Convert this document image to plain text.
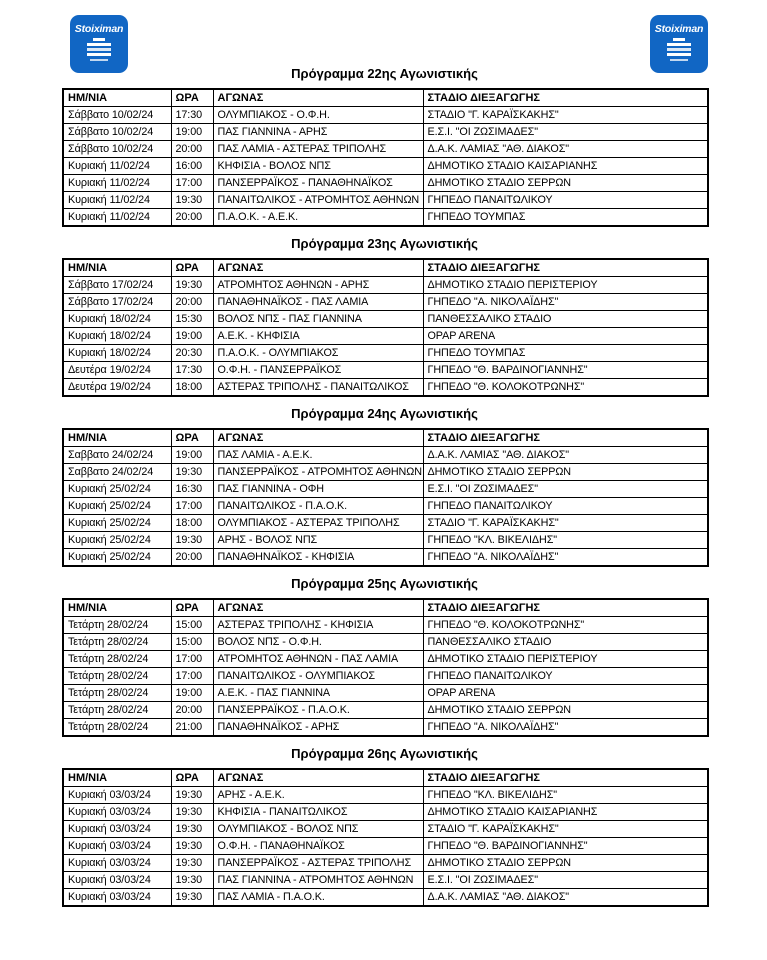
Stoiximan	Stoiximan
Πρόγραμμα 22ης Αγωνιστικής
ΗΜ/ΝΙΑ	ΩΡΑ	ΑΓΩΝΑΣ	ΣΤΑΔΙΟ ΔΙΕΞΑΓΩΓΗΣ
Σάββατο 10/02/24	17:30	ΟΛΥΜΠΙΑΚΟΣ - Ο.Φ.Η.	ΣΤΑΔΙΟ "Γ. ΚΑΡΑΪΣΚΑΚΗΣ"
Σάββατο 10/02/24	19:00	ΠΑΣ ΓΙΑΝΝΙΝΑ - ΑΡΗΣ	Ε.Σ.Ι. "ΟΙ ΖΩΣΙΜΑΔΕΣ"
Σάββατο 10/02/24	20:00	ΠΑΣ ΛΑΜΙΑ - ΑΣΤΕΡΑΣ ΤΡΙΠΟΛΗΣ	Δ.Α.Κ. ΛΑΜΙΑΣ "ΑΘ. ΔΙΑΚΟΣ"
Κυριακή 11/02/24	16:00	ΚΗΦΙΣΙΑ - ΒΟΛΟΣ ΝΠΣ	ΔΗΜΟΤΙΚΟ ΣΤΑΔΙΟ ΚΑΙΣΑΡΙΑΝΗΣ
Κυριακή 11/02/24	17:00	ΠΑΝΣΕΡΡΑΪΚΟΣ - ΠΑΝΑΘΗΝΑΪΚΟΣ	ΔΗΜΟΤΙΚΟ ΣΤΑΔΙΟ ΣΕΡΡΩΝ
Κυριακή 11/02/24	19:30	ΠΑΝΑΙΤΩΛΙΚΟΣ - ΑΤΡΟΜΗΤΟΣ ΑΘΗΝΩΝ	ΓΗΠΕΔΟ ΠΑΝΑΙΤΩΛΙΚΟΥ
Κυριακή 11/02/24	20:00	Π.Α.Ο.Κ. - Α.Ε.Κ.	ΓΗΠΕΔΟ ΤΟΥΜΠΑΣ
Πρόγραμμα 23ης Αγωνιστικής
ΗΜ/ΝΙΑ	ΩΡΑ	ΑΓΩΝΑΣ	ΣΤΑΔΙΟ ΔΙΕΞΑΓΩΓΗΣ
Σάββατο 17/02/24	19:30	ΑΤΡΟΜΗΤΟΣ ΑΘΗΝΩΝ - ΑΡΗΣ	ΔΗΜΟΤΙΚΟ ΣΤΑΔΙΟ ΠΕΡΙΣΤΕΡΙΟΥ
Σάββατο 17/02/24	20:00	ΠΑΝΑΘΗΝΑΪΚΟΣ - ΠΑΣ ΛΑΜΙΑ	ΓΗΠΕΔΟ "Α. ΝΙΚΟΛΑΪΔΗΣ"
Κυριακή 18/02/24	15:30	ΒΟΛΟΣ ΝΠΣ - ΠΑΣ ΓΙΑΝΝΙΝΑ	ΠΑΝΘΕΣΣΑΛΙΚΟ ΣΤΑΔΙΟ
Κυριακή 18/02/24	19:00	Α.Ε.Κ. - ΚΗΦΙΣΙΑ	OPAP ARENA
Κυριακή 18/02/24	20:30	Π.Α.Ο.Κ. - ΟΛΥΜΠΙΑΚΟΣ	ΓΗΠΕΔΟ ΤΟΥΜΠΑΣ
Δευτέρα 19/02/24	17:30	Ο.Φ.Η. - ΠΑΝΣΕΡΡΑΪΚΟΣ	ΓΗΠΕΔΟ "Θ. ΒΑΡΔΙΝΟΓΙΑΝΝΗΣ"
Δευτέρα 19/02/24	18:00	ΑΣΤΕΡΑΣ ΤΡΙΠΟΛΗΣ - ΠΑΝΑΙΤΩΛΙΚΟΣ	ΓΗΠΕΔΟ "Θ. ΚΟΛΟΚΟΤΡΩΝΗΣ"
Πρόγραμμα 24ης Αγωνιστικής
ΗΜ/ΝΙΑ	ΩΡΑ	ΑΓΩΝΑΣ	ΣΤΑΔΙΟ ΔΙΕΞΑΓΩΓΗΣ
Σαββατο 24/02/24	19:00	ΠΑΣ ΛΑΜΙΑ - Α.Ε.Κ.	Δ.Α.Κ. ΛΑΜΙΑΣ "ΑΘ. ΔΙΑΚΟΣ"
Σαββατο 24/02/24	19:30	ΠΑΝΣΕΡΡΑΪΚΟΣ - ΑΤΡΟΜΗΤΟΣ ΑΘΗΝΩΝ	ΔΗΜΟΤΙΚΟ ΣΤΑΔΙΟ ΣΕΡΡΩΝ
Κυριακή 25/02/24	16:30	ΠΑΣ ΓΙΑΝΝΙΝΑ - ΟΦΗ	Ε.Σ.Ι. "ΟΙ ΖΩΣΙΜΑΔΕΣ"
Κυριακή 25/02/24	17:00	ΠΑΝΑΙΤΩΛΙΚΟΣ - Π.Α.Ο.Κ.	ΓΗΠΕΔΟ ΠΑΝΑΙΤΩΛΙΚΟΥ
Κυριακή 25/02/24	18:00	ΟΛΥΜΠΙΑΚΟΣ - ΑΣΤΕΡΑΣ ΤΡΙΠΟΛΗΣ	ΣΤΑΔΙΟ "Γ. ΚΑΡΑΪΣΚΑΚΗΣ"
Κυριακή 25/02/24	19:30	ΑΡΗΣ - ΒΟΛΟΣ ΝΠΣ	ΓΗΠΕΔΟ "ΚΛ. ΒΙΚΕΛΙΔΗΣ"
Κυριακή 25/02/24	20:00	ΠΑΝΑΘΗΝΑΪΚΟΣ - ΚΗΦΙΣΙΑ	ΓΗΠΕΔΟ "Α. ΝΙΚΟΛΑΪΔΗΣ"
Πρόγραμμα 25ης Αγωνιστικής
ΗΜ/ΝΙΑ	ΩΡΑ	ΑΓΩΝΑΣ	ΣΤΑΔΙΟ ΔΙΕΞΑΓΩΓΗΣ
Τετάρτη 28/02/24	15:00	ΑΣΤΕΡΑΣ ΤΡΙΠΟΛΗΣ - ΚΗΦΙΣΙΑ	ΓΗΠΕΔΟ "Θ. ΚΟΛΟΚΟΤΡΩΝΗΣ"
Τετάρτη 28/02/24	15:00	ΒΟΛΟΣ ΝΠΣ - Ο.Φ.Η.	ΠΑΝΘΕΣΣΑΛΙΚΟ ΣΤΑΔΙΟ
Τετάρτη 28/02/24	17:00	ΑΤΡΟΜΗΤΟΣ ΑΘΗΝΩΝ - ΠΑΣ ΛΑΜΙΑ	ΔΗΜΟΤΙΚΟ ΣΤΑΔΙΟ ΠΕΡΙΣΤΕΡΙΟΥ
Τετάρτη 28/02/24	17:00	ΠΑΝΑΙΤΩΛΙΚΟΣ - ΟΛΥΜΠΙΑΚΟΣ	ΓΗΠΕΔΟ ΠΑΝΑΙΤΩΛΙΚΟΥ
Τετάρτη 28/02/24	19:00	Α.Ε.Κ. - ΠΑΣ ΓΙΑΝΝΙΝΑ	OPAP ARENA
Τετάρτη 28/02/24	20:00	ΠΑΝΣΕΡΡΑΪΚΟΣ - Π.Α.Ο.Κ.	ΔΗΜΟΤΙΚΟ ΣΤΑΔΙΟ ΣΕΡΡΩΝ
Τετάρτη 28/02/24	21:00	ΠΑΝΑΘΗΝΑΪΚΟΣ - ΑΡΗΣ	ΓΗΠΕΔΟ "Α. ΝΙΚΟΛΑΪΔΗΣ"
Πρόγραμμα 26ης Αγωνιστικής
ΗΜ/ΝΙΑ	ΩΡΑ	ΑΓΩΝΑΣ	ΣΤΑΔΙΟ ΔΙΕΞΑΓΩΓΗΣ
Κυριακή 03/03/24	19:30	ΑΡΗΣ - Α.Ε.Κ.	ΓΗΠΕΔΟ "ΚΛ. ΒΙΚΕΛΙΔΗΣ"
Κυριακή 03/03/24	19:30	ΚΗΦΙΣΙΑ - ΠΑΝΑΙΤΩΛΙΚΟΣ	ΔΗΜΟΤΙΚΟ ΣΤΑΔΙΟ ΚΑΙΣΑΡΙΑΝΗΣ
Κυριακή 03/03/24	19:30	ΟΛΥΜΠΙΑΚΟΣ - ΒΟΛΟΣ ΝΠΣ	ΣΤΑΔΙΟ "Γ. ΚΑΡΑΪΣΚΑΚΗΣ"
Κυριακή 03/03/24	19:30	Ο.Φ.Η. - ΠΑΝΑΘΗΝΑΪΚΟΣ	ΓΗΠΕΔΟ "Θ. ΒΑΡΔΙΝΟΓΙΑΝΝΗΣ"
Κυριακή 03/03/24	19:30	ΠΑΝΣΕΡΡΑΪΚΟΣ - ΑΣΤΕΡΑΣ ΤΡΙΠΟΛΗΣ	ΔΗΜΟΤΙΚΟ ΣΤΑΔΙΟ ΣΕΡΡΩΝ
Κυριακή 03/03/24	19:30	ΠΑΣ ΓΙΑΝΝΙΝΑ - ΑΤΡΟΜΗΤΟΣ ΑΘΗΝΩΝ	Ε.Σ.Ι. "ΟΙ ΖΩΣΙΜΑΔΕΣ"
Κυριακή 03/03/24	19:30	ΠΑΣ ΛΑΜΙΑ - Π.Α.Ο.Κ.	Δ.Α.Κ. ΛΑΜΙΑΣ "ΑΘ. ΔΙΑΚΟΣ"
